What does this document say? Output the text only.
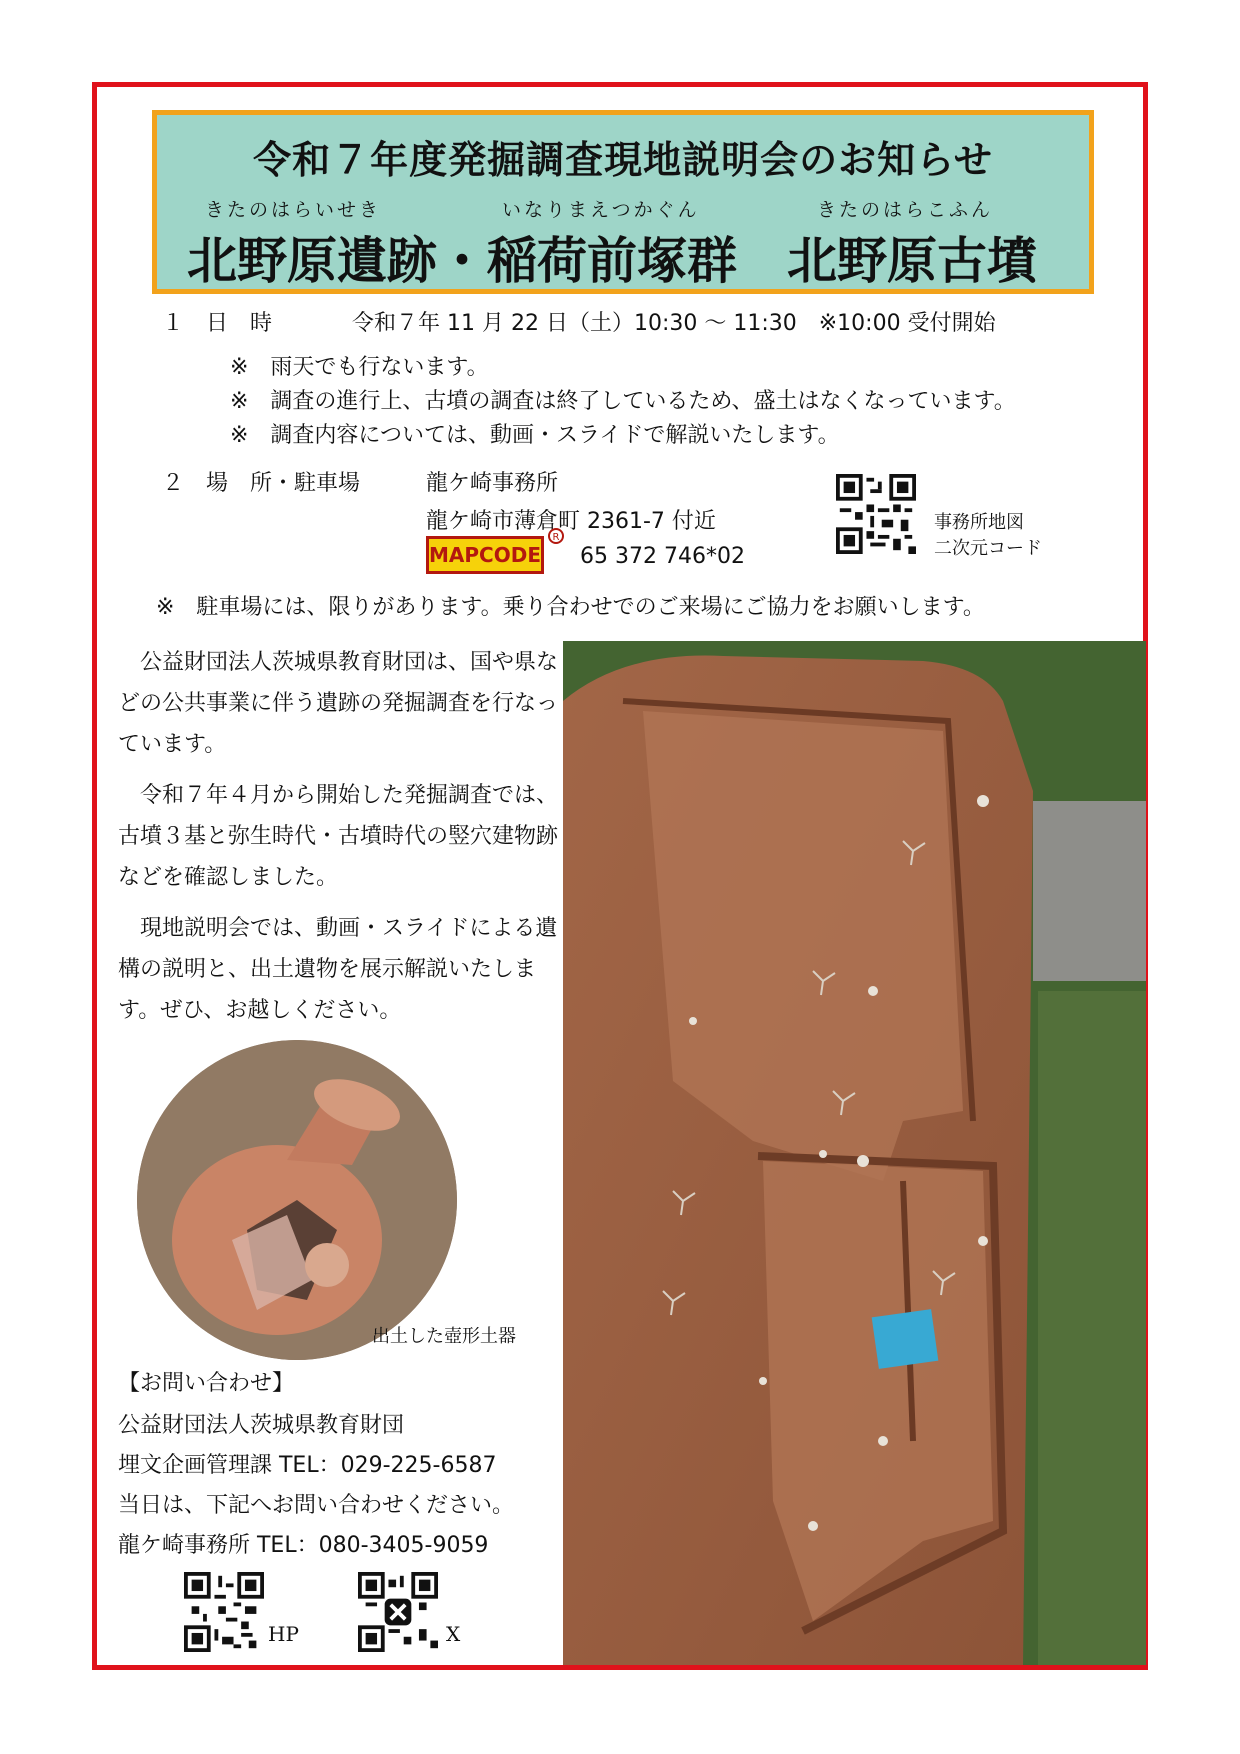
令和７年度発掘調査現地説明会のお知らせ
きたのはらいせき	いなりまえつかぐん	きたのはらこふん
北野原遺跡・稲荷前塚群　北野原古墳
１ 日　時	令和７年 11 月 22 日（土）10:30 〜 11:30　※10:00 受付開始
※　雨天でも行ないます。
※　調査の進行上、古墳の調査は終了しているため、盛土はなくなっています。
※　調査内容については、動画・スライドで解説いたします。
２ 場　所・駐車場	龍ケ崎事務所
龍ケ崎市薄倉町 2361-7 付近
MAPCODE
R
65 372 746*02
事務所地図
二次元コード
※　駐車場には、限りがあります。乗り合わせでのご来場にご協力をお願いします。

公益財団法人茨城県教育財団は、国や県などの公共事業に伴う遺跡の発掘調査を行なっています。

令和７年４月から開始した発掘調査では、古墳３基と弥生時代・古墳時代の竪穴建物跡などを確認しました。

現地説明会では、動画・スライドによる遺構の説明と、出土遺物を展示解説いたします。ぜひ、お越しください。

出土した壺形土器
【お問い合わせ】
公益財団法人茨城県教育財団
埋文企画管理課 TEL：029-225-6587
当日は、下記へお問い合わせください。
龍ケ崎事務所 TEL：080-3405-9059
HP	X
